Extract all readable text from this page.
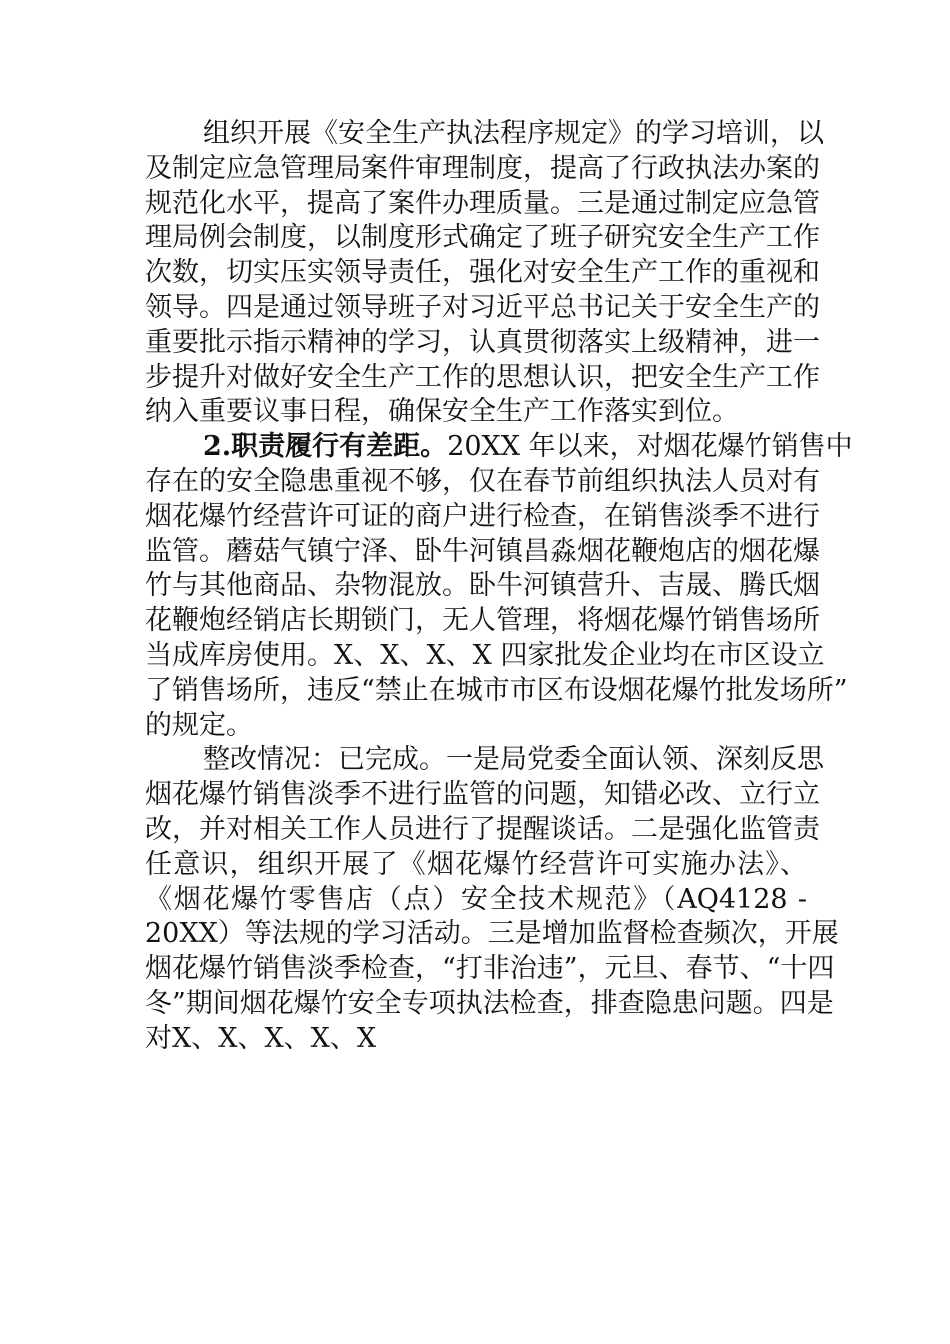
组织开展《安全生产执法程序规定》的学习培训，以
及制定应急管理局案件审理制度，提高了行政执法办案的
规范化水平，提高了案件办理质量。三是通过制定应急管
理局例会制度，以制度形式确定了班子研究安全生产工作
次数，切实压实领导责任，强化对安全生产工作的重视和
领导。四是通过领导班子对习近平总书记关于安全生产的
重要批示指示精神的学习，认真贯彻落实上级精神，进一
步提升对做好安全生产工作的思想认识，把安全生产工作
纳入重要议事日程，确保安全生产工作落实到位。
2.职责履行有差距。20XX 年以来，对烟花爆竹销售中
存在的安全隐患重视不够，仅在春节前组织执法人员对有
烟花爆竹经营许可证的商户进行检查，在销售淡季不进行
监管。蘑菇气镇宁泽、卧牛河镇昌淼烟花鞭炮店的烟花爆
竹与其他商品、杂物混放。卧牛河镇营升、吉晟、腾氏烟
花鞭炮经销店长期锁门，无人管理，将烟花爆竹销售场所
当成库房使用。X、X、X、X 四家批发企业均在市区设立
了销售场所，违反“禁止在城市市区布设烟花爆竹批发场所”
的规定。
整改情况：已完成。一是局党委全面认领、深刻反思
烟花爆竹销售淡季不进行监管的问题，知错必改、立行立
改，并对相关工作人员进行了提醒谈话。二是强化监管责
任意识，组织开展了《烟花爆竹经营许可实施办法》、
《烟花爆竹零售店（点）安全技术规范》（AQ4128 -
20XX）等法规的学习活动。三是增加监督检查频次，开展
烟花爆竹销售淡季检查，“打非治违”，元旦、春节、“十四
冬”期间烟花爆竹安全专项执法检查，排查隐患问题。四是
对X、X、X、X、X
